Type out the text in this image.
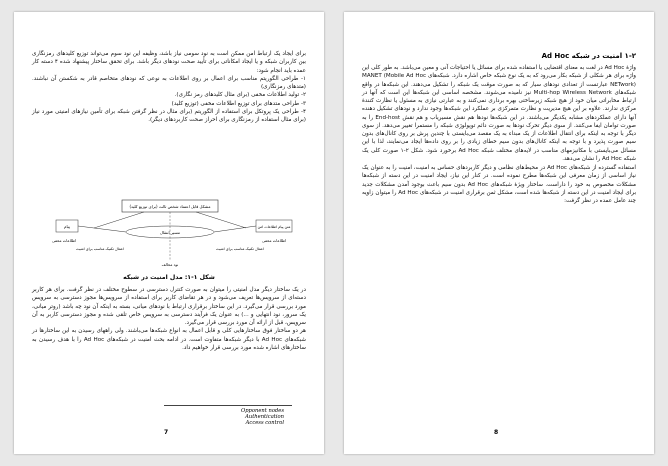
برای ایجاد یک ارتباط امن ممکن است به نود سومی نیاز باشد، وظیفه این نود سوم می‌تواند توزیع کلیدهای رمزنگاری بین کاربران شبکه و یا ایجاد امکاناتی برای تأیید صحت نودهای دیگر باشد. برای تحقق ساختار پیشنهاد شده ۴ دسته کار عمده باید انجام شود:

۱- طراحی الگوریتم مناسب برای اعمال بر روی اطلاعات به نوعی که نودهای متخاصم قادر به شکستن آن نباشند. (متدهای رمزنگاری)

۲- تولید اطلاعات مخفی (برای مثال کلیدهای رمز نگاری).

۳- طراحی متدهای برای توزیع اطلاعات مخفی (توزیع کلید)

۴- طراحی یک پروتکل برای استفاده از الگوریتم (برای مثال در نظر گرفتن شبکه برای تأمین نیازهای امنیتی مورد نیاز (برای مثال استفاده از رمزنگاری برای احراز صحت کاربردهای دیگر).

مشکل قابل اعتماد شخص ثالث (برای توزیع کلید)
پیام	متن پیام اطلاعات امن
اطلاعات مخفی	اطلاعات مخفی
مسیر انتقال
اعمال تکنیک مناسب برای امنیت	اعمال تکنیک مناسب برای امنیت
نود مخالف
شکل ۱-۱: مدل امنیت در شبکه

در یک ساختار دیگر مدل امنیتی را میتوان به صورت کنترل دسترسی در سطوح مختلف در نظر گرفت. برای هر کاربر دسته‌ای از سرویس‌ها تعریف می‌شود و در هر تقاضای کاربر برای استفاده از سرویس‌ها مجوز دسترسی به سرویس مورد بررسی قرار می‌گیرد. در این ساختار برقراری ارتباط با نودهای میانی، بسته به اینکه آن نود چه باشد (روتر میانی، یک سرور، نود انتهایی و ...) به عنوان یک فرآیند دسترسی به سرویس خاص تلقی شده و مجوز دسترسی کاربر به آن سرویس، قبل از ارائه آن مورد بررسی قرار می‌گیرد.

هر دو ساختار فوق ساختارهایی کلی و قابل اعمال به انواع شبکه‌ها می‌باشند. ولی راههای رسیدن به این ساختارها در شبکه‌های Ad Hoc با دیگر شبکه‌ها متفاوت است. در ادامه بحث امنیت در شبکه‌های Ad Hoc را با هدف رسیدن به ساختارهای اشاره شده مورد بررسی قرار خواهیم داد.

Opponent nodes
Authentication
Access control
7
۱-۲ امنیت در شبکه Ad Hoc

واژهٔ Ad Hoc در لغت به معنای اقتضایی یا استفاده شده برای مسائل یا احتیاجات آنی و معین می‌باشد. به طور کلی این واژه برای هر شکلی از شبکه بکار می‌رود که به یک نوع شبکه خاص اشاره دارد. شبکه‌های MANET (Mobile Ad Hoc NETwork) عبارتست از تعدادی نودهای سیار که به صورت موقت یک شبکه را تشکیل می‌دهند. این شبکه‌ها در واقع شبکه‌های Multi-hop Wireless Network نیز نامیده می‌شوند. مشخصه اساسی این شبکه‌ها این است که آنها در ارتباط مخابراتی میان خود از هیچ شبکه زیرساختی بهره برداری نمی‌کنند و به عبارتی نیازی به مسئول یا نظارت کنندهٔ مرکزی ندارند. علاوه بر این هیچ مدیریت و نظارت متمرکزی بر عملکرد این شبکه‌ها وجود ندارد و نودهای تشکیل دهنده آنها دارای عملکردهای مشابه یکدیگر می‌باشند. در این شبکه‌ها نودها هم نقش مسیریاب و هم نقش End-host را به صورت توامان ایفا می‌کنند. از سوی دیگر تحرک نودها به صورت دائم توپولوژی شبکه را مستمرا تغییر می‌دهد. از سوی دیگر با توجه به اینکه برای انتقال اطلاعات از یک مبداء به یک مقصد می‌بایستی با چندین پرش بر روی کانال‌های بدون سیم صورت پذیرد و با توجه به اینکه کانال‌های بدون سیم خطای زیادی را بر روی داده‌ها ایجاد می‌نمایند، لذا با این مسائل می‌بایستی با مکانیزمهای مناسب در لایه‌های مختلف شبکه Ad Hoc برخورد شود. شکل ۲-۱ صورت کلی یک شبکه Ad Hoc را نشان می‌دهد.

استفاده گسترده از شبکه‌های Ad Hoc در محیط‌های نظامی و دیگر کاربردهای حساس به امنیت، امنیت را به عنوان یک نیاز اساسی از زمان معرفی این شبکه‌ها مطرح نموده است. در کنار این نیاز، ایجاد امنیت در این دسته از شبکه‌ها مشکلات مخصوص به خود را داراست. ساختار ویژهٔ شبکه‌های Ad Hoc بدون سیم باعث بوجود آمدن مشکلات جدید برای ایجاد امنیت در این دسته از شبکه‌ها شده است، مشکل ثمن برقراری امنیت در شبکه‌های Ad Hoc را میتوان زاویه چند عامل عمده در نظر گرفت:

8
